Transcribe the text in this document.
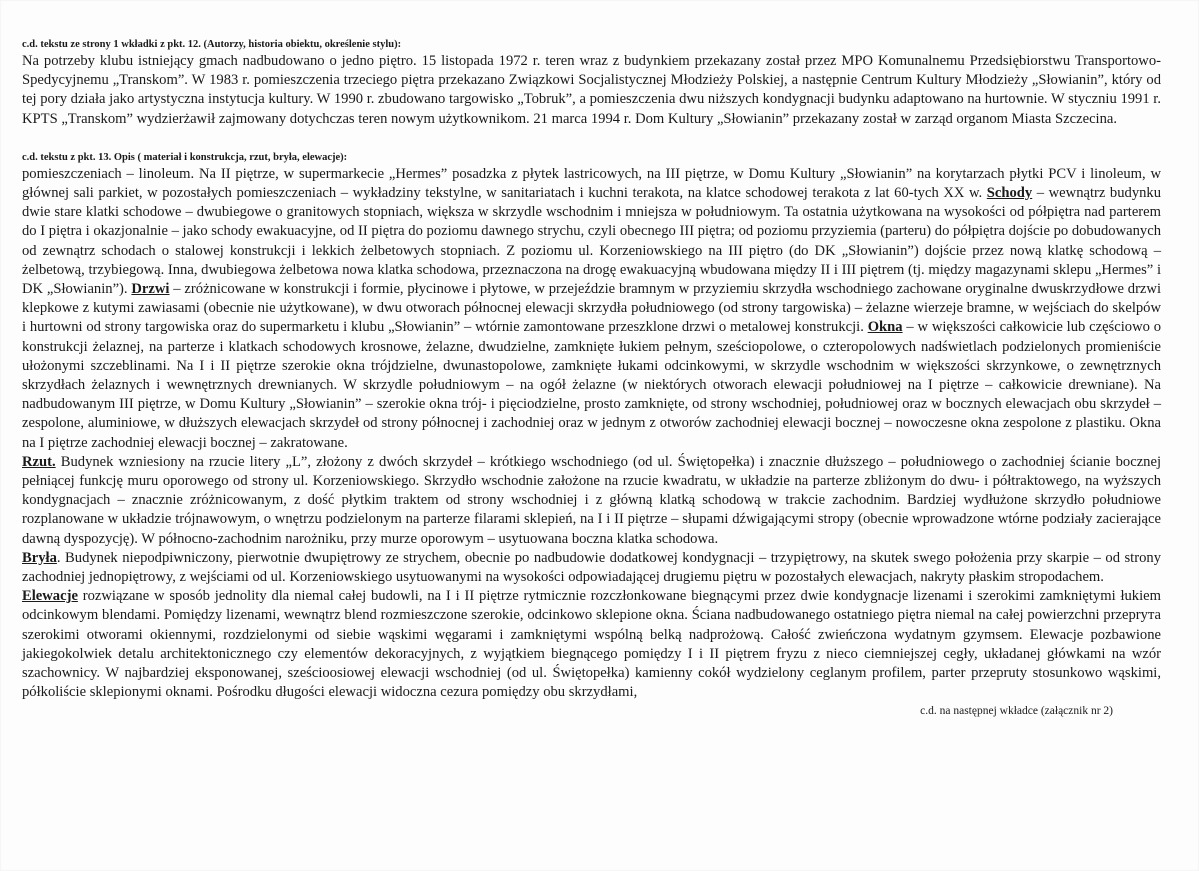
c.d. tekstu ze strony 1 wkładki z pkt. 12. (Autorzy, historia obiektu, określenie stylu):

Na potrzeby klubu istniejący gmach nadbudowano o jedno piętro. 15 listopada 1972 r. teren wraz z budynkiem przekazany został przez MPO Komunalnemu Przedsiębiorstwu Transportowo-Spedycyjnemu „Transkom”. W 1983 r. pomieszczenia trzeciego piętra przekazano Związkowi Socjalistycznej Młodzieży Polskiej, a następnie Centrum Kultury Młodzieży „Słowianin”, który od tej pory działa jako artystyczna instytucja kultury. W 1990 r. zbudowano targowisko „Tobruk”, a pomieszczenia dwu niższych kondygnacji budynku adaptowano na hurtownie. W styczniu 1991 r. KPTS „Transkom” wydzierżawił zajmowany dotychczas teren nowym użytkownikom. 21 marca 1994 r. Dom Kultury „Słowianin” przekazany został w zarząd organom Miasta Szczecina.

c.d. tekstu z pkt. 13. Opis ( materiał i konstrukcja, rzut, bryła, elewacje):

pomieszczeniach – linoleum. Na II piętrze, w supermarkecie „Hermes” posadzka z płytek lastricowych, na III piętrze, w Domu Kultury „Słowianin” na korytarzach płytki PCV i linoleum, w głównej sali parkiet, w pozostałych pomieszczeniach – wykładziny tekstylne, w sanitariatach i kuchni terakota, na klatce schodowej terakota z lat 60-tych XX w. Schody – wewnątrz budynku dwie stare klatki schodowe – dwubiegowe o granitowych stopniach, większa w skrzydle wschodnim i mniejsza w południowym. Ta ostatnia użytkowana na wysokości od półpiętra nad parterem do I piętra i okazjonalnie – jako schody ewakuacyjne, od II piętra do poziomu dawnego strychu, czyli obecnego III piętra; od poziomu przyziemia (parteru) do półpiętra dojście po dobudowanych od zewnątrz schodach o stalowej konstrukcji i lekkich żelbetowych stopniach. Z poziomu ul. Korzeniowskiego na III piętro (do DK „Słowianin”) dojście przez nową klatkę schodową – żelbetową, trzybiegową. Inna, dwubiegowa żelbetowa nowa klatka schodowa, przeznaczona na drogę ewakuacyjną wbudowana między II i III piętrem (tj. między magazynami sklepu „Hermes” i DK „Słowianin”). Drzwi – zróżnicowane w konstrukcji i formie, płycinowe i płytowe, w przejeździe bramnym w przyziemiu skrzydła wschodniego zachowane oryginalne dwuskrzydłowe drzwi klepkowe z kutymi zawiasami (obecnie nie użytkowane), w dwu otworach północnej elewacji skrzydła południowego (od strony targowiska) – żelazne wierzeje bramne, w wejściach do skelpów i hurtowni od strony targowiska oraz do supermarketu i klubu „Słowianin” – wtórnie zamontowane przeszklone drzwi o metalowej konstrukcji. Okna – w większości całkowicie lub częściowo o konstrukcji żelaznej, na parterze i klatkach schodowych krosnowe, żelazne, dwudzielne, zamknięte łukiem pełnym, sześciopolowe, o czteropolowych nadświetlach podzielonych promieniście ułożonymi szczeblinami. Na I i II piętrze szerokie okna trójdzielne, dwunastopolowe, zamknięte łukami odcinkowymi, w skrzydle wschodnim w większości skrzynkowe, o zewnętrznych skrzydłach żelaznych i wewnętrznych drewnianych. W skrzydle południowym – na ogół żelazne (w niektórych otworach elewacji południowej na I piętrze – całkowicie drewniane). Na nadbudowanym III piętrze, w Domu Kultury „Słowianin” – szerokie okna trój- i pięciodzielne, prosto zamknięte, od strony wschodniej, południowej oraz w bocznych elewacjach obu skrzydeł – zespolone, aluminiowe, w dłuższych elewacjach skrzydeł od strony północnej i zachodniej oraz w jednym z otworów zachodniej elewacji bocznej – nowoczesne okna zespolone z plastiku. Okna na I piętrze zachodniej elewacji bocznej – zakratowane.

Rzut. Budynek wzniesiony na rzucie litery „L”, złożony z dwóch skrzydeł – krótkiego wschodniego (od ul. Świętopełka) i znacznie dłuższego – południowego o zachodniej ścianie bocznej pełniącej funkcję muru oporowego od strony ul. Korzeniowskiego. Skrzydło wschodnie założone na rzucie kwadratu, w układzie na parterze zbliżonym do dwu- i półtraktowego, na wyższych kondygnacjach – znacznie zróżnicowanym, z dość płytkim traktem od strony wschodniej i z główną klatką schodową w trakcie zachodnim. Bardziej wydłużone skrzydło południowe rozplanowane w układzie trójnawowym, o wnętrzu podzielonym na parterze filarami sklepień, na I i II piętrze – słupami dźwigającymi stropy (obecnie wprowadzone wtórne podziały zacierające dawną dyspozycję). W północno-zachodnim narożniku, przy murze oporowym – usytuowana boczna klatka schodowa.

Bryła. Budynek niepodpiwniczony, pierwotnie dwupiętrowy ze strychem, obecnie po nadbudowie dodatkowej kondygnacji – trzypiętrowy, na skutek swego położenia przy skarpie – od strony zachodniej jednopiętrowy, z wejściami od ul. Korzeniowskiego usytuowanymi na wysokości odpowiadającej drugiemu piętru w pozostałych elewacjach, nakryty płaskim stropodachem.

Elewacje rozwiązane w sposób jednolity dla niemal całej budowli, na I i II piętrze rytmicznie rozczłonkowane biegnącymi przez dwie kondygnacje lizenami i szerokimi zamkniętymi łukiem odcinkowym blendami. Pomiędzy lizenami, wewnątrz blend rozmieszczone szerokie, odcinkowo sklepione okna. Ściana nadbudowanego ostatniego piętra niemal na całej powierzchni przeprута szerokimi otworami okiennymi, rozdzielonymi od siebie wąskimi węgarami i zamkniętymi wspólną belką nadprożową. Całość zwieńczona wydatnym gzymsem. Elewacje pozbawione jakiegokolwiek detalu architektonicznego czy elementów dekoracyjnych, z wyjątkiem biegnącego pomiędzy I i II piętrem fryzu z nieco ciemniejszej cegły, układanej główkami na wzór szachownicy. W najbardziej eksponowanej, sześcioosiowej elewacji wschodniej (od ul. Świętopełka) kamienny cokół wydzielony ceglanym profilem, parter przepruty stosunkowo wąskimi, półkoliście sklepionymi oknami. Pośrodku długości elewacji widoczna cezura pomiędzy obu skrzydłami,

c.d. na następnej wkładce (załącznik nr 2)
